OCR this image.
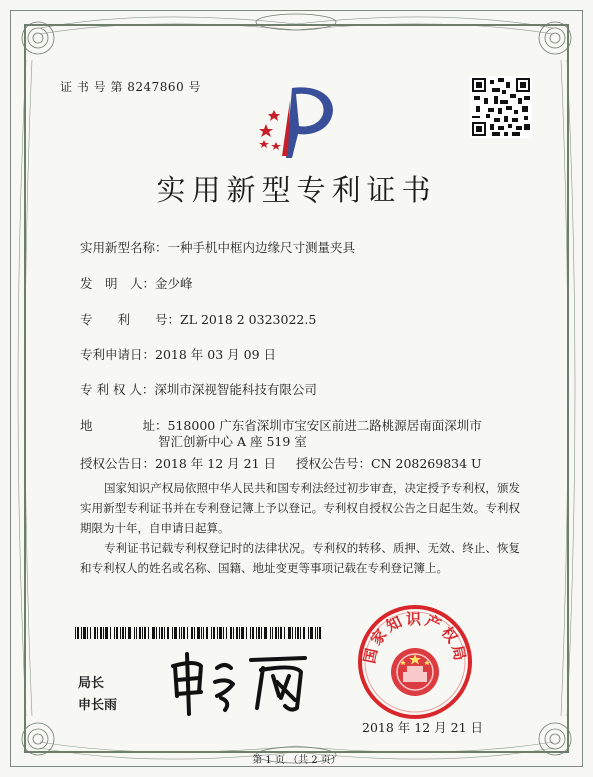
证 书 号 第 8247860 号
实用新型专利证书
实用新型名称：一种手机中框内边缘尺寸测量夹具
发　明　人：金少峰
专　　利　　号：ZL 2018 2 0323022.5
专利申请日：2018 年 03 月 09 日
专 利 权 人：深圳市深视智能科技有限公司
地　　　　址：518000 广东省深圳市宝安区前进二路桃源居南面深圳市
智汇创新中心 A 座 519 室
授权公告日：2018 年 12 月 21 日 授权公告号：CN 208269834 U
国家知识产权局依照中华人民共和国专利法经过初步审查，决定授予专利权，颁发实用新型专利证书并在专利登记簿上予以登记。专利权自授权公告之日起生效。专利权期限为十年，自申请日起算。
专利证书记载专利权登记时的法律状况。专利权的转移、质押、无效、终止、恢复和专利权人的姓名或名称、国籍、地址变更等事项记载在专利登记簿上。
局长
申长雨
国家知识产权局
2018 年 12 月 21 日
第 1 页 （共 2 页）
